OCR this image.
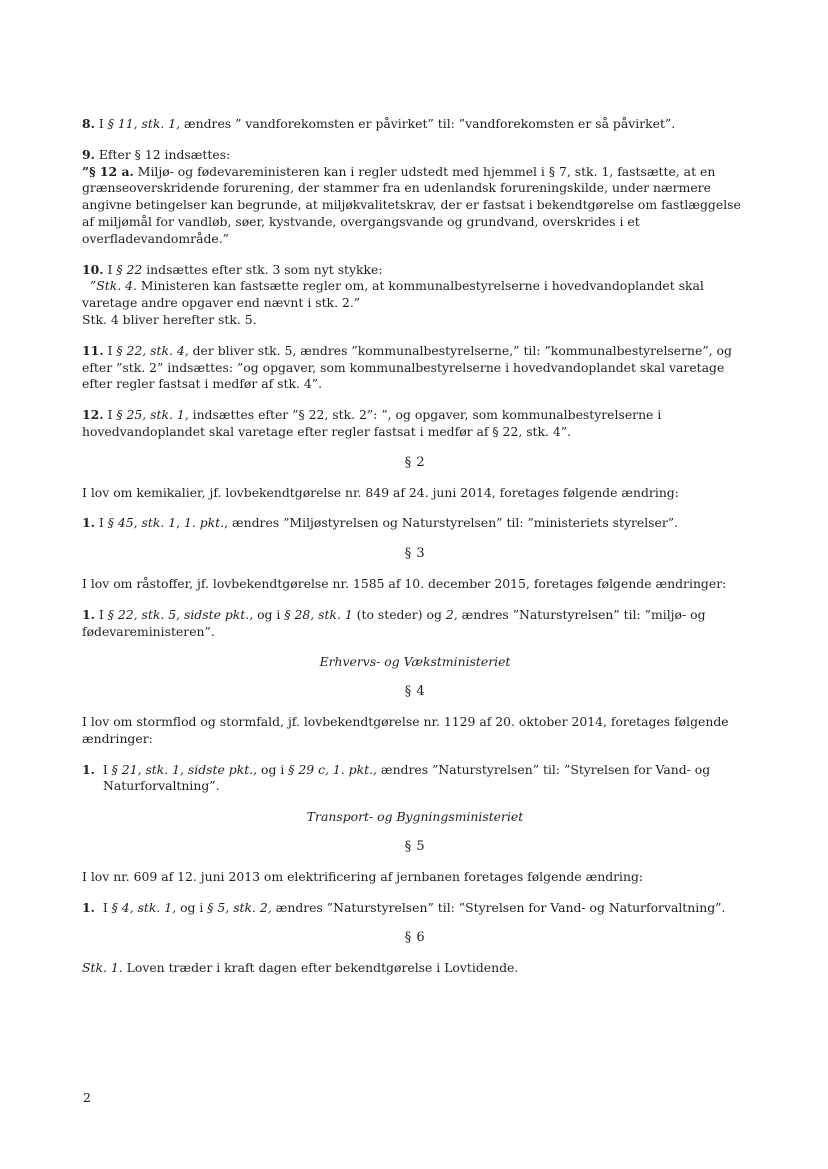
8. I § 11, stk. 1, ændres ” vandforekomsten er påvirket” til: ”vandforekomsten er så påvirket”.

9. Efter § 12 indsættes:
”§ 12 a. Miljø- og fødevareministeren kan i regler udstedt med hjemmel i § 7, stk. 1, fastsætte, at en grænseoverskridende forurening, der stammer fra en udenlandsk forureningskilde, under nærmere angivne betingelser kan begrunde, at miljøkvalitetskrav, der er fastsat i bekendtgørelse om fastlæggelse af miljømål for vandløb, søer, kystvande, overgangsvande og grundvand, overskrides i et overfladevandområde.”

10. I § 22 indsættes efter stk. 3 som nyt stykke:
”Stk. 4. Ministeren kan fastsætte regler om, at kommunalbestyrelserne i hovedvandoplandet skal varetage andre opgaver end nævnt i stk. 2.”
Stk. 4 bliver herefter stk. 5.

11. I § 22, stk. 4, der bliver stk. 5, ændres ”kommunalbestyrelserne,” til: ”kommunalbestyrelserne”, og efter ”stk. 2” indsættes: ”og opgaver, som kommunalbestyrelserne i hovedvandoplandet skal varetage efter regler fastsat i medfør af stk. 4”.

12. I § 25, stk. 1, indsættes efter ”§ 22, stk. 2”: ”, og opgaver, som kommunalbestyrelserne i hovedvandoplandet skal varetage efter regler fastsat i medfør af § 22, stk. 4”.

§ 2

I lov om kemikalier, jf. lovbekendtgørelse nr. 849 af 24. juni 2014, foretages følgende ændring:

1. I § 45, stk. 1, 1. pkt., ændres ”Miljøstyrelsen og Naturstyrelsen” til: ”ministeriets styrelser”.

§ 3

I lov om råstoffer, jf. lovbekendtgørelse nr. 1585 af 10. december 2015, foretages følgende ændringer:

1. I § 22, stk. 5, sidste pkt., og i § 28, stk. 1 (to steder) og 2, ændres ”Naturstyrelsen” til: ”miljø- og fødevareministeren”.

Erhvervs- og Vækstministeriet

§ 4

I lov om stormflod og stormfald, jf. lovbekendtgørelse nr. 1129 af 20. oktober 2014, foretages følgende ændringer:

1.  I § 21, stk. 1, sidste pkt., og i § 29 c, 1. pkt., ændres ”Naturstyrelsen” til: ”Styrelsen for Vand- og Naturforvaltning”.

Transport- og Bygningsministeriet

§ 5

I lov nr. 609 af 12. juni 2013 om elektrificering af jernbanen foretages følgende ændring:

1.  I § 4, stk. 1, og i § 5, stk. 2, ændres ”Naturstyrelsen” til: ”Styrelsen for Vand- og Naturforvaltning”.

§ 6

Stk. 1. Loven træder i kraft dagen efter bekendtgørelse i Lovtidende.

2
